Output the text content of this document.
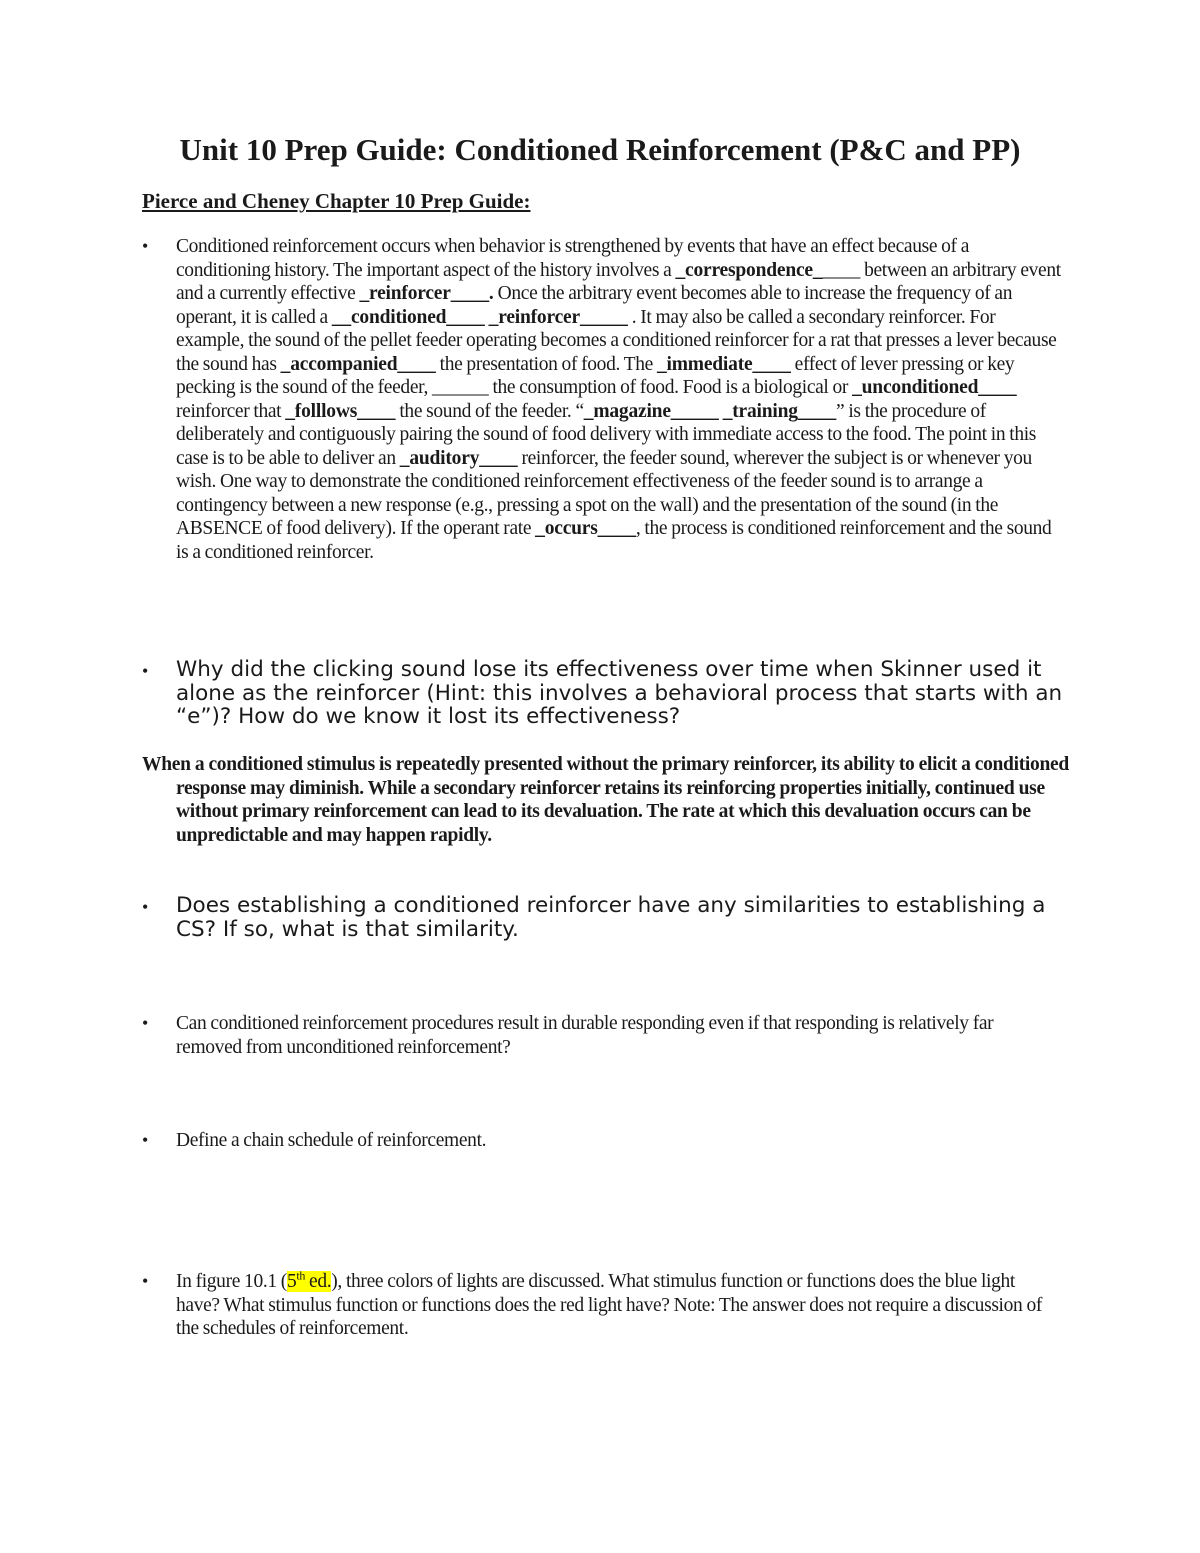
Unit 10 Prep Guide: Conditioned Reinforcement (P&C and PP)
Pierce and Cheney Chapter 10 Prep Guide:
• Conditioned reinforcement occurs when behavior is strengthened by events that have an effect because of a conditioning history. The important aspect of the history involves a _correspondence_____ between an arbitrary event and a currently effective _reinforcer____. Once the arbitrary event becomes able to increase the frequency of an operant, it is called a __conditioned____ _reinforcer_____ . It may also be called a secondary reinforcer. For example, the sound of the pellet feeder operating becomes a conditioned reinforcer for a rat that presses a lever because the sound has _accompanied____ the presentation of food. The _immediate____ effect of lever pressing or key pecking is the sound of the feeder, ______ the consumption of food. Food is a biological or _unconditioned____ reinforcer that _folllows____ the sound of the feeder. “_magazine_____ _training____” is the procedure of deliberately and contiguously pairing the sound of food delivery with immediate access to the food. The point in this case is to be able to deliver an _auditory____ reinforcer, the feeder sound, wherever the subject is or whenever you wish. One way to demonstrate the conditioned reinforcement effectiveness of the feeder sound is to arrange a contingency between a new response (e.g., pressing a spot on the wall) and the presentation of the sound (in the ABSENCE of food delivery). If the operant rate _occurs____, the process is conditioned reinforcement and the sound is a conditioned reinforcer.
• Why did the clicking sound lose its effectiveness over time when Skinner used it alone as the reinforcer (Hint: this involves a behavioral process that starts with an “e”)? How do we know it lost its effectiveness?
When a conditioned stimulus is repeatedly presented without the primary reinforcer, its ability to elicit a conditioned response may diminish. While a secondary reinforcer retains its reinforcing properties initially, continued use without primary reinforcement can lead to its devaluation. The rate at which this devaluation occurs can be unpredictable and may happen rapidly.
• Does establishing a conditioned reinforcer have any similarities to establishing a CS? If so, what is that similarity.
• Can conditioned reinforcement procedures result in durable responding even if that responding is relatively far removed from unconditioned reinforcement?
• Define a chain schedule of reinforcement.
• In figure 10.1 (5th ed.), three colors of lights are discussed. What stimulus function or functions does the blue light have? What stimulus function or functions does the red light have? Note: The answer does not require a discussion of the schedules of reinforcement.
